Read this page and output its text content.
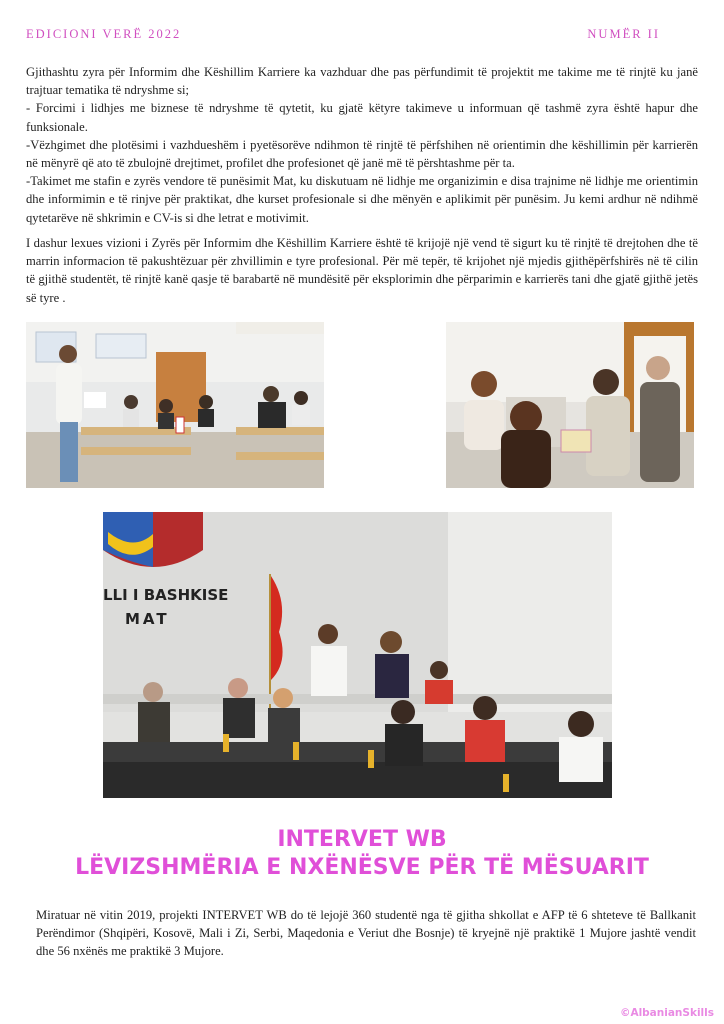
EDICIONI VERË 2022	NUMËR II

Gjithashtu zyra për Informim dhe Këshillim Karriere ka vazhduar dhe pas përfundimit të projektit me takime me të rinjtë ku janë trajtuar tematika të ndryshme si;

- Forcimi i lidhjes me biznese të ndryshme të qytetit, ku gjatë këtyre takimeve u informuan që tashmë zyra është hapur dhe funksionale.

-Vëzhgimet dhe plotësimi i vazhdueshëm i pyetësorëve ndihmon të rinjtë të përfshihen në orientimin dhe këshillimin për karrierën në mënyrë që ato të zbulojnë drejtimet, profilet dhe profesionet që janë më të përshtashme për ta.

-Takimet me stafin e zyrës vendore të punësimit Mat, ku diskutuam në lidhje me organizimin e disa trajnime në lidhje me orientimin dhe informimin e të rinjve për praktikat, dhe kurset profesionale si dhe mënyën e aplikimit për punësim. Ju kemi ardhur në ndihmë qytetarëve në shkrimin e CV-is si dhe letrat e motivimit.

I dashur lexues vizioni i Zyrës për Informim dhe Këshillim Karriere është të krijojë një vend të sigurt ku të rinjtë të drejtohen dhe të marrin informacion të pakushtëzuar për zhvillimin e tyre profesional. Për më tepër, të krijohet një mjedis gjithëpërfshirës në të cilin të gjithë studentët, të rinjtë kanë qasje të barabartë në mundësitë për eksplorimin dhe përparimin e karrierës tani dhe gjatë gjithë jetës së tyre .

LLI I BASHKISE
MAT
INTERVET WB
LËVIZSHMËRIA E NXËNËSVE PËR TË MËSUARIT

Miratuar në vitin 2019, projekti INTERVET WB do të lejojë 360 studentë nga të gjitha shkollat e AFP të 6 shteteve të Ballkanit Perëndimor (Shqipëri, Kosovë, Mali i Zi, Serbi, Maqedonia e Veriut dhe Bosnje) të kryejnë një praktikë 1 Mujore jashtë vendit dhe 56 nxënës me praktikë 3 Mujore.

©AlbanianSkills
